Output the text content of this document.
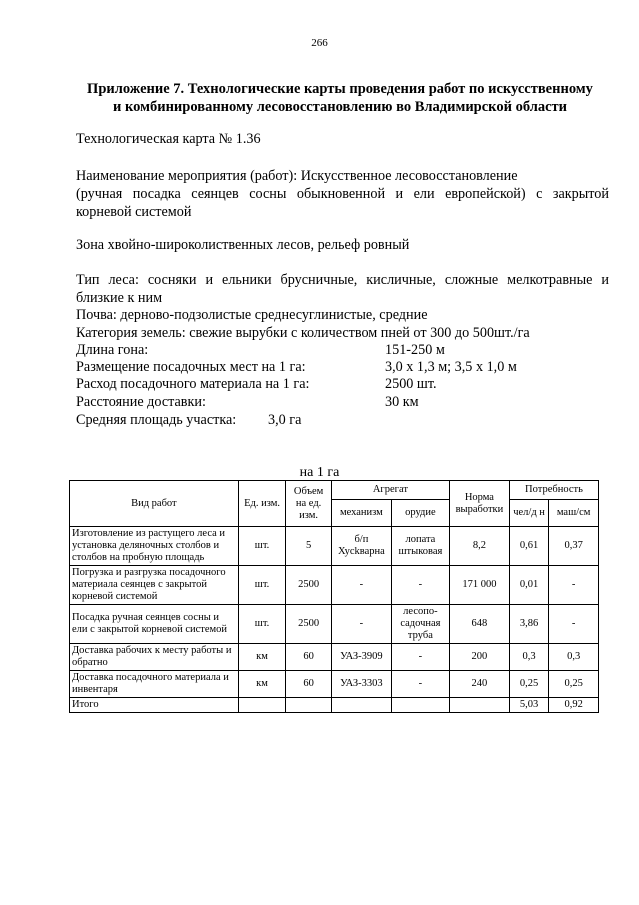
266
Приложение 7. Технологические карты проведения работ по искусственному
и комбинированному лесовосстановлению во Владимирской области
Технологическая карта № 1.36
Наименование мероприятия (работ): Искусственное лесовосстановление
(ручная посадка сеянцев сосны обыкновенной и ели европейской) с закрытой
корневой системой
Зона хвойно-широколиственных лесов, рельеф ровный
Тип леса: сосняки и ельники брусничные, кисличные, сложные мелкотравные и
близкие к ним
Почва: дерново-подзолистые среднесуглинистые, средние
Категория земель: свежие вырубки с количеством пней от 300 до 500шт./га
Длина гона:	151-250 м
Размещение посадочных мест на 1 га:	3,0 х 1,3 м; 3,5 х 1,0 м
Расход посадочного материала на 1 га:	2500 шт.
Расстояние доставки:	30 км
Средняя площадь участка: 3,0 га
на 1 га
Вид работ	Ед. изм.	Объем на ед. изм.	Агрегат		Норма выработки	Потребность	
			механизм	орудие		чел/д н	маш/см
Изготовление из растущего леса и установка деляночных столбов и столбов на пробную площадь	шт.	5	б/п Хусkварна	лопата штыковая	8,2	0,61	0,37
Погрузка и разгрузка посадочного материала сеянцев с закрытой корневой системой	шт.	2500	-	-	171 000	0,01	-
Посадка ручная сеянцев сосны и ели с закрытой корневой системой	шт.	2500	-	лесопо-садочная труба	648	3,86	-
Доставка рабочих к месту работы и обратно	км	60	УАЗ-3909	-	200	0,3	0,3
Доставка посадочного материала и инвентаря	км	60	УАЗ-3303	-	240	0,25	0,25
Итого						5,03	0,92
